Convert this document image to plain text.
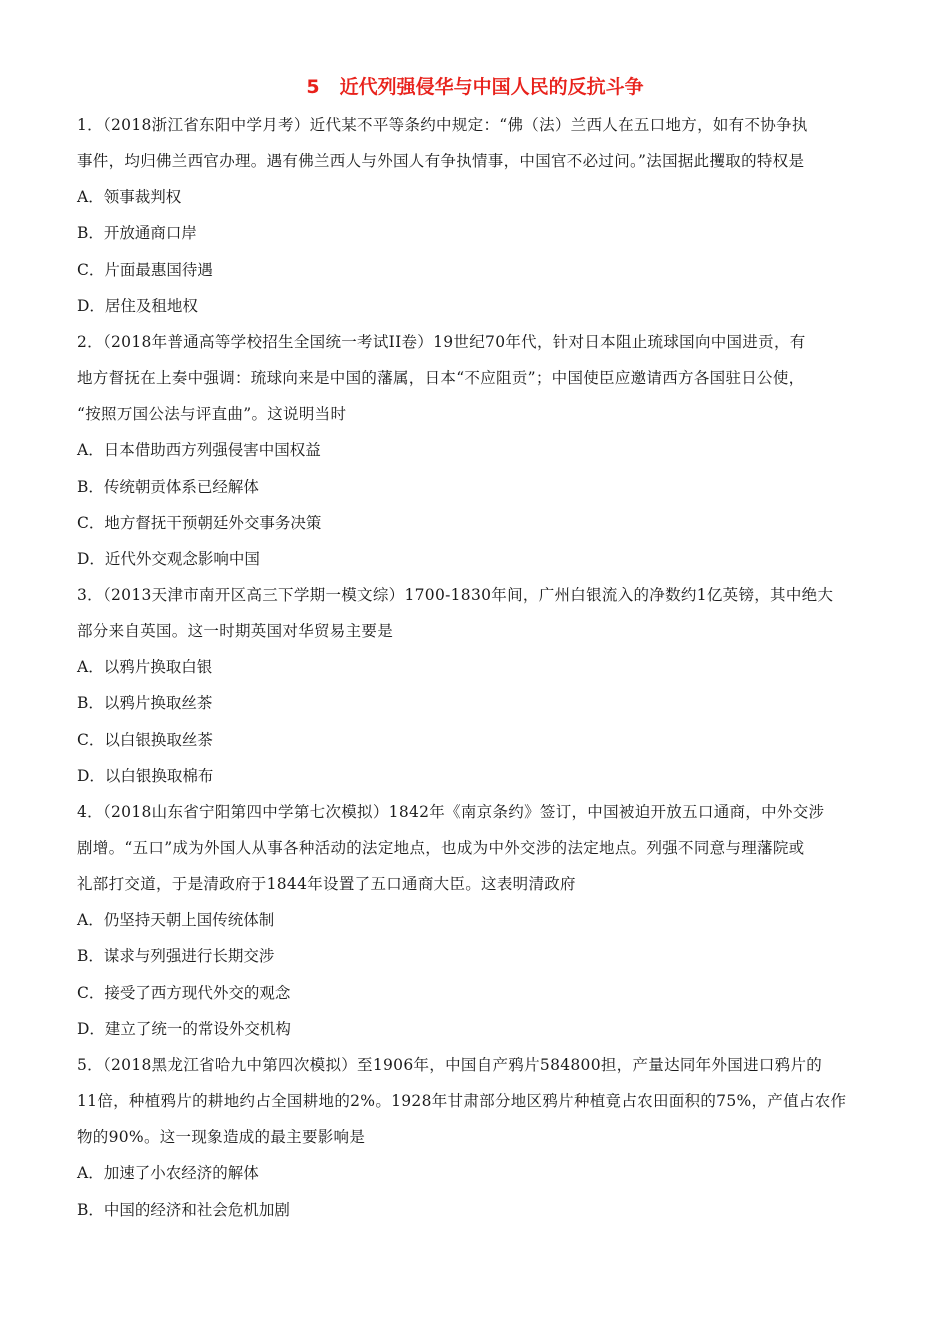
5 近代列强侵华与中国人民的反抗斗争
1．（2018浙江省东阳中学月考）近代某不平等条约中规定：“佛（法）兰西人在五口地方，如有不协争执
事件，均归佛兰西官办理。遇有佛兰西人与外国人有争执情事，中国官不必过问。”法国据此攫取的特权是
A．领事裁判权
B．开放通商口岸
C．片面最惠国待遇
D．居住及租地权
2．（2018年普通高等学校招生全国统一考试II卷）19世纪70年代，针对日本阻止琉球国向中国进贡，有
地方督抚在上奏中强调：琉球向来是中国的藩属，日本“不应阻贡”；中国使臣应邀请西方各国驻日公使，
“按照万国公法与评直曲”。这说明当时
A．日本借助西方列强侵害中国权益
B．传统朝贡体系已经解体
C．地方督抚干预朝廷外交事务决策
D．近代外交观念影响中国
3．（2013天津市南开区高三下学期一模文综）1700-1830年间，广州白银流入的净数约1亿英镑，其中绝大
部分来自英国。这一时期英国对华贸易主要是
A．以鸦片换取白银
B．以鸦片换取丝茶
C．以白银换取丝茶
D．以白银换取棉布
4．（2018山东省宁阳第四中学第七次模拟）1842年《南京条约》签订，中国被迫开放五口通商，中外交涉
剧增。“五口”成为外国人从事各种活动的法定地点，也成为中外交涉的法定地点。列强不同意与理藩院或
礼部打交道，于是清政府于1844年设置了五口通商大臣。这表明清政府
A．仍坚持天朝上国传统体制
B．谋求与列强进行长期交涉
C．接受了西方现代外交的观念
D．建立了统一的常设外交机构
5．（2018黑龙江省哈九中第四次模拟）至1906年，中国自产鸦片584800担，产量达同年外国进口鸦片的
11倍，种植鸦片的耕地约占全国耕地的2%。1928年甘肃部分地区鸦片种植竟占农田面积的75%，产值占农作
物的90%。这一现象造成的最主要影响是
A．加速了小农经济的解体
B．中国的经济和社会危机加剧
